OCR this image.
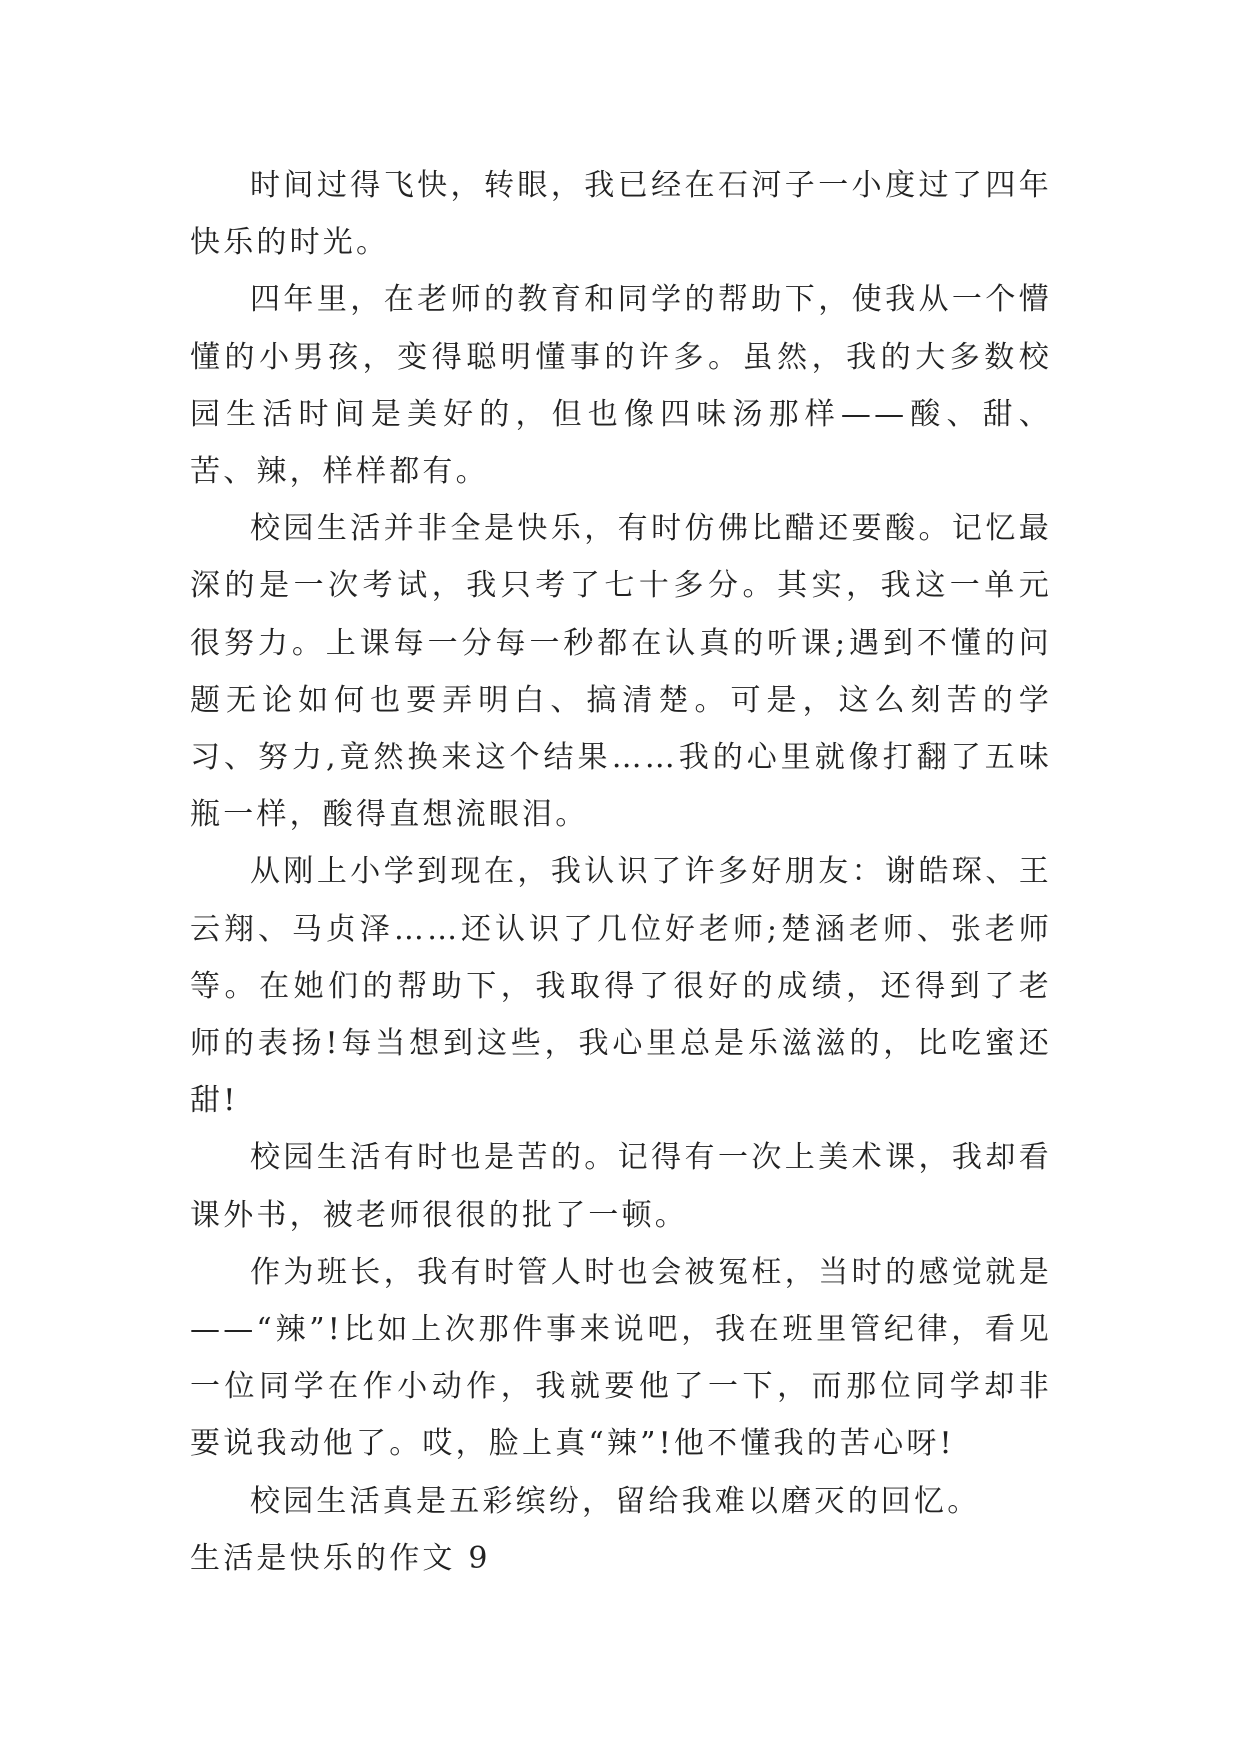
时间过得飞快，转眼，我已经在石河子一小度过了四年快乐的时光。

四年里，在老师的教育和同学的帮助下，使我从一个懵懂的小男孩，变得聪明懂事的许多。虽然，我的大多数校园生活时间是美好的，但也像四味汤那样——酸、甜、苦、辣，样样都有。

校园生活并非全是快乐，有时仿佛比醋还要酸。记忆最深的是一次考试，我只考了七十多分。其实，我这一单元很努力。上课每一分每一秒都在认真的听课;遇到不懂的问题无论如何也要弄明白、搞清楚。可是，这么刻苦的学习、努力,竟然换来这个结果……我的心里就像打翻了五味瓶一样，酸得直想流眼泪。

从刚上小学到现在，我认识了许多好朋友：谢皓琛、王云翔、马贞泽……还认识了几位好老师;楚涵老师、张老师等。在她们的帮助下，我取得了很好的成绩，还得到了老师的表扬!每当想到这些，我心里总是乐滋滋的，比吃蜜还甜!

校园生活有时也是苦的。记得有一次上美术课，我却看课外书，被老师很很的批了一顿。

作为班长，我有时管人时也会被冤枉，当时的感觉就是——“辣”!比如上次那件事来说吧，我在班里管纪律，看见一位同学在作小动作，我就要他了一下，而那位同学却非要说我动他了。哎，脸上真“辣”!他不懂我的苦心呀!

校园生活真是五彩缤纷，留给我难以磨灭的回忆。

生活是快乐的作文 9
